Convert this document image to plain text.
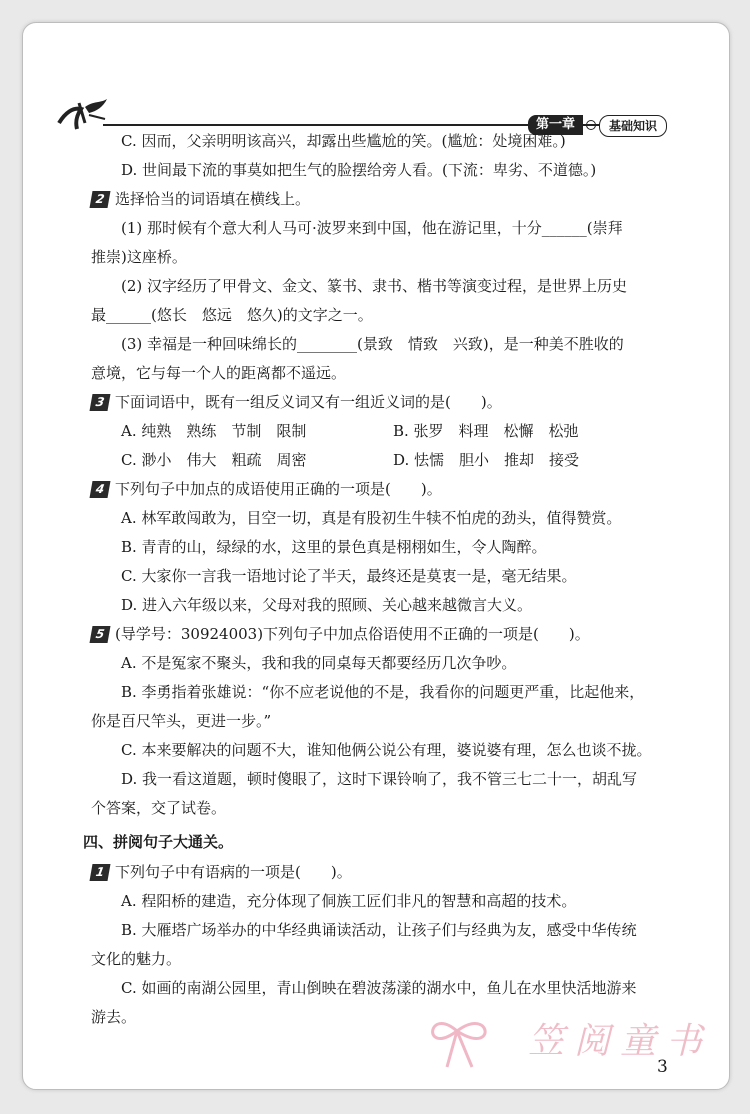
第一章	基础知识
C. 因而，父亲明明该高兴，却露出些尴尬的笑。(尴尬：处境困难。)
D. 世间最下流的事莫如把生气的脸摆给旁人看。(下流：卑劣、不道德。)
2 选择恰当的词语填在横线上。
(1) 那时候有个意大利人马可·波罗来到中国，他在游记里，十分______(崇拜
推崇)这座桥。
(2) 汉字经历了甲骨文、金文、篆书、隶书、楷书等演变过程，是世界上历史
最______(悠长　悠远　悠久)的文字之一。
(3) 幸福是一种回味绵长的________(景致　情致　兴致)，是一种美不胜收的
意境，它与每一个人的距离都不遥远。
3 下面词语中，既有一组反义词又有一组近义词的是(　　)。
A. 纯熟　熟练　节制　限制	B. 张罗　料理　松懈　松弛
C. 渺小　伟大　粗疏　周密	D. 怯懦　胆小　推却　接受
4 下列句子中加点的成语使用正确的一项是(　　)。
A. 林军敢闯敢为，目空一切，真是有股初生牛犊不怕虎的劲头，值得赞赏。
B. 青青的山，绿绿的水，这里的景色真是栩栩如生，令人陶醉。
C. 大家你一言我一语地讨论了半天，最终还是莫衷一是，毫无结果。
D. 进入六年级以来，父母对我的照顾、关心越来越微言大义。
5 (导学号：30924003)下列句子中加点俗语使用不正确的一项是(　　)。
A. 不是冤家不聚头，我和我的同桌每天都要经历几次争吵。
B. 李勇指着张雄说：“你不应老说他的不是，我看你的问题更严重，比起他来，
你是百尺竿头，更进一步。”
C. 本来要解决的问题不大，谁知他俩公说公有理，婆说婆有理，怎么也谈不拢。
D. 我一看这道题，顿时傻眼了，这时下课铃响了，我不管三七二十一，胡乱写
个答案，交了试卷。
四、拼阅句子大通关。
1 下列句子中有语病的一项是(　　)。
A. 程阳桥的建造，充分体现了侗族工匠们非凡的智慧和高超的技术。
B. 大雁塔广场举办的中华经典诵读活动，让孩子们与经典为友，感受中华传统
文化的魅力。
C. 如画的南湖公园里，青山倒映在碧波荡漾的湖水中，鱼儿在水里快活地游来
游去。
笠阅童书
3
